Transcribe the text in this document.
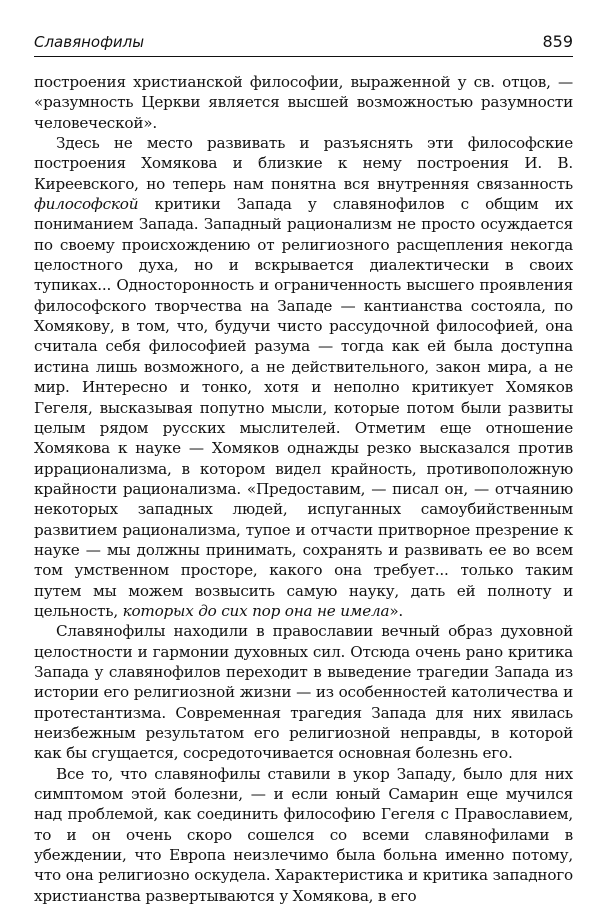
Славянофилы	859

построения христианской философии, выраженной у св. отцов, — «разумность Церкви является высшей возможностью разумности человеческой».

Здесь не место развивать и разъяснять эти философские построения Хомякова и близкие к нему построения И. В. Киреевского, но теперь нам понятна вся внутренняя связанность философской критики Запада у славянофилов с общим их пониманием Запада. Западный рационализм не просто осуждается по своему происхождению от религиозного расщепления некогда целостного духа, но и вскрывается диалектически в своих тупиках... Односторонность и ограниченность высшего проявления философского творчества на Западе — кантианства состояла, по Хомякову, в том, что, будучи чисто рассудочной философией, она считала себя философией разума — тогда как ей была доступна истина лишь возможного, а не действительного, закон мира, а не мир. Интересно и тонко, хотя и неполно критикует Хомяков Гегеля, высказывая попутно мысли, которые потом были развиты целым рядом русских мыслителей. Отметим еще отношение Хомякова к науке — Хомяков однажды резко высказался против иррационализма, в котором видел крайность, противоположную крайности рационализма. «Предоставим, — писал он, — отчаянию некоторых западных людей, испуганных самоубийственным развитием рационализма, тупое и отчасти притворное презрение к науке — мы должны принимать, сохранять и развивать ее во всем том умственном просторе, какого она требует... только таким путем мы можем возвысить самую науку, дать ей полноту и цельность, которых до сих пор она не имела».

Славянофилы находили в православии вечный образ духовной целостности и гармонии духовных сил. Отсюда очень рано критика Запада у славянофилов переходит в выведение трагедии Запада из истории его религиозной жизни — из особенностей католичества и протестантизма. Современная трагедия Запада для них явилась неизбежным результатом его религиозной неправды, в которой как бы сгущается, сосредоточивается основная болезнь его.

Все то, что славянофилы ставили в укор Западу, было для них симптомом этой болезни, — и если юный Самарин еще мучился над проблемой, как соединить философию Гегеля с Православием, то и он очень скоро сошелся со всеми славянофилами в убеждении, что Европа неизлечимо была больна именно потому, что она религиозно оскудела. Характеристика и критика западного христианства развертываются у Хомякова, в его
